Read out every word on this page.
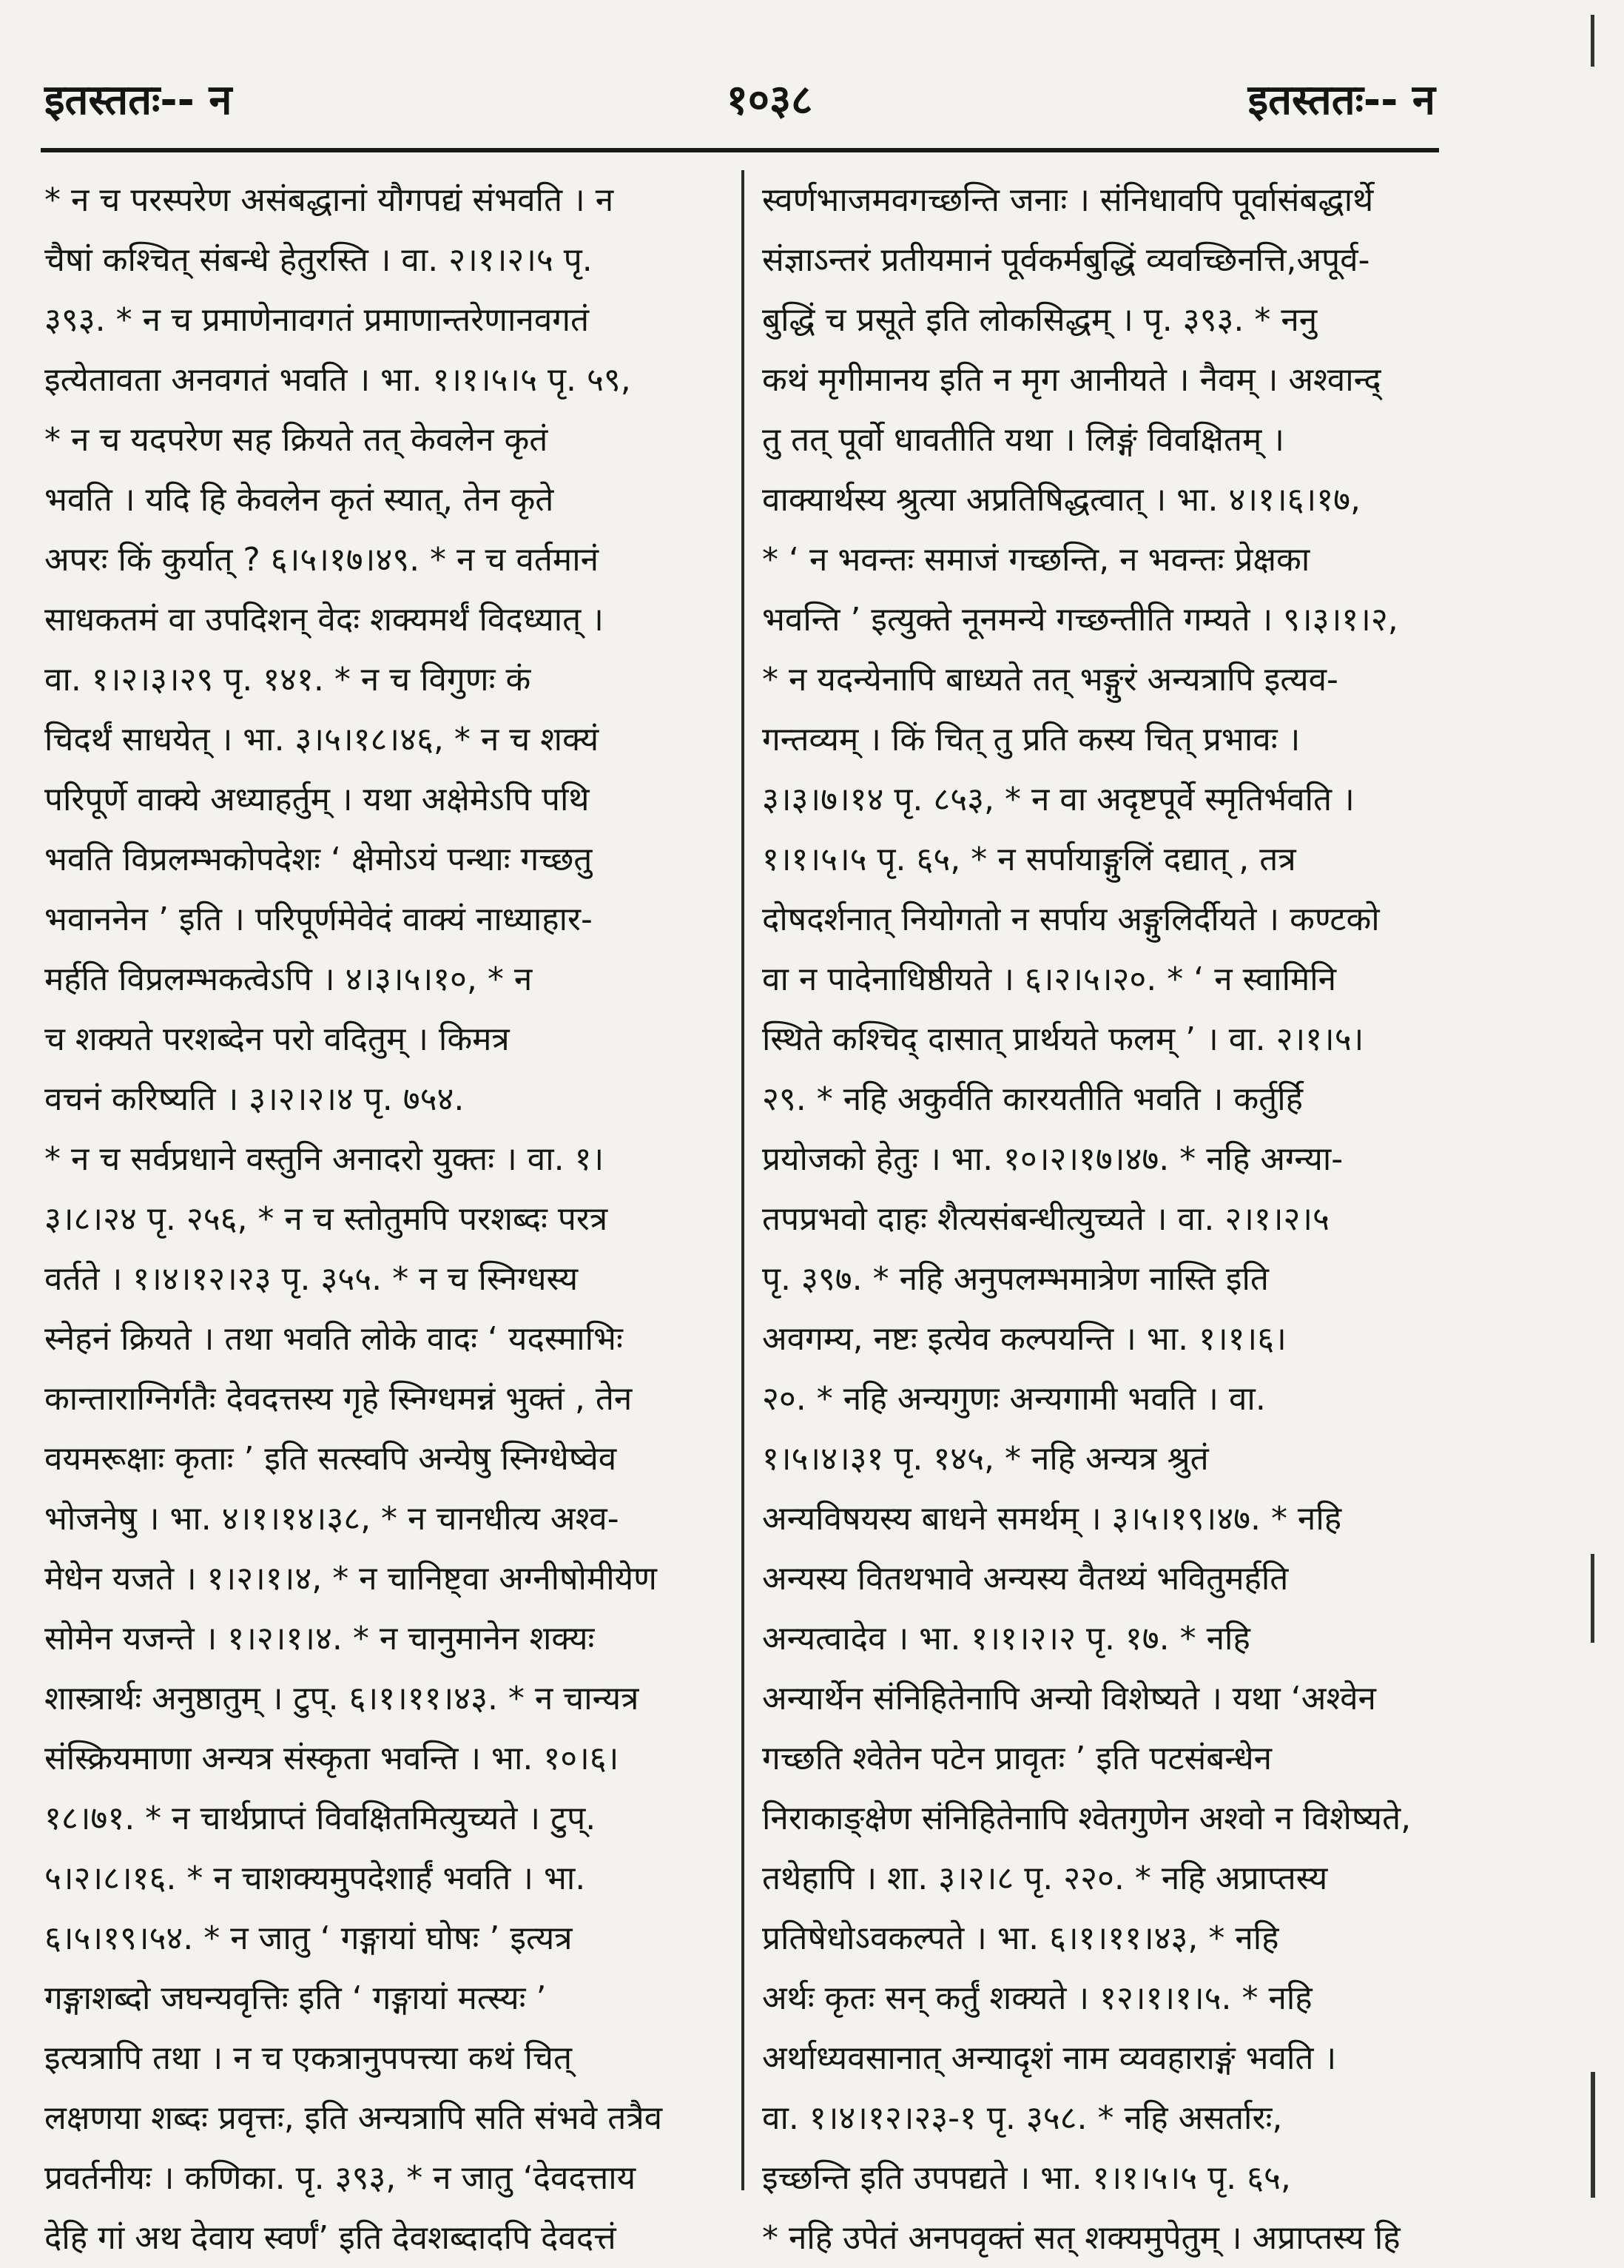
इतस्ततः-- न	१०३८	इतस्ततः-- न
* न च परस्परेण असंबद्धानां यौगपद्यं संभवति । न
चैषां कश्चित् संबन्धे हेतुरस्ति । वा. २।१।२।५ पृ.
३९३. * न च प्रमाणेनावगतं प्रमाणान्तरेणानवगतं
इत्येतावता अनवगतं भवति । भा. १।१।५।५ पृ. ५९,
* न च यदपरेण सह क्रियते तत् केवलेन कृतं
भवति । यदि हि केवलेन कृतं स्यात्, तेन कृते
अपरः किं कुर्यात् ? ६।५।१७।४९. * न च वर्तमानं
साधकतमं वा उपदिशन् वेदः शक्यमर्थं विदध्यात् ।
वा. १।२।३।२९ पृ. १४१. * न च विगुणः कं
चिदर्थं साधयेत् । भा. ३।५।१८।४६, * न च शक्यं
परिपूर्णे वाक्ये अध्याहर्तुम् । यथा अक्षेमेऽपि पथि
भवति विप्रलम्भकोपदेशः ‘ क्षेमोऽयं पन्थाः गच्छतु
भवाननेन ’ इति । परिपूर्णमेवेदं वाक्यं नाध्याहार-
मर्हति विप्रलम्भकत्वेऽपि । ४।३।५।१०, * न
च शक्यते परशब्देन परो वदितुम् । किमत्र
वचनं करिष्यति । ३।२।२।४ पृ. ७५४.
* न च सर्वप्रधाने वस्तुनि अनादरो युक्तः । वा. १।
३।८।२४ पृ. २५६, * न च स्तोतुमपि परशब्दः परत्र
वर्तते । १।४।१२।२३ पृ. ३५५. * न च स्निग्धस्य
स्नेहनं क्रियते । तथा भवति लोके वादः ‘ यदस्माभिः
कान्ताराग्निर्गतैः देवदत्तस्य गृहे स्निग्धमन्नं भुक्तं , तेन
वयमरूक्षाः कृताः ’ इति सत्स्वपि अन्येषु स्निग्धेष्वेव
भोजनेषु । भा. ४।१।१४।३८, * न चानधीत्य अश्व-
मेधेन यजते । १।२।१।४, * न चानिष्ट्वा अग्नीषोमीयेण
सोमेन यजन्ते । १।२।१।४. * न चानुमानेन शक्यः
शास्त्रार्थः अनुष्ठातुम् । टुप्. ६।१।११।४३. * न चान्यत्र
संस्क्रियमाणा अन्यत्र संस्कृता भवन्ति । भा. १०।६।
१८।७१. * न चार्थप्राप्तं विवक्षितमित्युच्यते । टुप्.
५।२।८।१६. * न चाशक्यमुपदेशार्हं भवति । भा.
६।५।१९।५४. * न जातु ‘ गङ्गायां घोषः ’ इत्यत्र
गङ्गाशब्दो जघन्यवृत्तिः इति ‘ गङ्गायां मत्स्यः ’
इत्यत्रापि तथा । न च एकत्रानुपपत्त्या कथं चित्
लक्षणया शब्दः प्रवृत्तः, इति अन्यत्रापि सति संभवे तत्रैव
प्रवर्तनीयः । कणिका. पृ. ३९३, * न जातु ‘देवदत्ताय
देहि गां अथ देवाय स्वर्णं’ इति देवशब्दादपि देवदत्तं
स्वर्णभाजमवगच्छन्ति जनाः । संनिधावपि पूर्वासंबद्धार्थे
संज्ञाऽन्तरं प्रतीयमानं पूर्वकर्मबुद्धिं व्यवच्छिनत्ति,अपूर्व-
बुद्धिं च प्रसूते इति लोकसिद्धम् । पृ. ३९३. * ननु
कथं मृगीमानय इति न मृग आनीयते । नैवम् । अश्वान्द्
तु तत् पूर्वो धावतीति यथा । लिङ्गं विवक्षितम् ।
वाक्यार्थस्य श्रुत्या अप्रतिषिद्धत्वात् । भा. ४।१।६।१७,
* ‘ न भवन्तः समाजं गच्छन्ति, न भवन्तः प्रेक्षका
भवन्ति ’ इत्युक्ते नूनमन्ये गच्छन्तीति गम्यते । ९।३।१।२,
* न यदन्येनापि बाध्यते तत् भङ्गुरं अन्यत्रापि इत्यव-
गन्तव्यम् । किं चित् तु प्रति कस्य चित् प्रभावः ।
३।३।७।१४ पृ. ८५३, * न वा अदृष्टपूर्वे स्मृतिर्भवति ।
१।१।५।५ पृ. ६५, * न सर्पायाङ्गुलिं दद्यात् , तत्र
दोषदर्शनात् नियोगतो न सर्पाय अङ्गुलिर्दीयते । कण्टको
वा न पादेनाधिष्ठीयते । ६।२।५।२०. * ‘ न स्वामिनि
स्थिते कश्चिद् दासात् प्रार्थयते फलम् ’ । वा. २।१।५।
२९. * नहि अकुर्वति कारयतीति भवति । कर्तुर्हि
प्रयोजको हेतुः । भा. १०।२।१७।४७. * नहि अग्न्या-
तपप्रभवो दाहः शैत्यसंबन्धीत्युच्यते । वा. २।१।२।५
पृ. ३९७. * नहि अनुपलम्भमात्रेण नास्ति इति
अवगम्य, नष्टः इत्येव कल्पयन्ति । भा. १।१।६।
२०. * नहि अन्यगुणः अन्यगामी भवति । वा.
१।५।४।३१ पृ. १४५, * नहि अन्यत्र श्रुतं
अन्यविषयस्य बाधने समर्थम् । ३।५।१९।४७. * नहि
अन्यस्य वितथभावे अन्यस्य वैतथ्यं भवितुमर्हति
अन्यत्वादेव । भा. १।१।२।२ पृ. १७. * नहि
अन्यार्थेन संनिहितेनापि अन्यो विशेष्यते । यथा ‘अश्वेन
गच्छति श्वेतेन पटेन प्रावृतः ’ इति पटसंबन्धेन
निराकाङ्क्षेण संनिहितेनापि श्वेतगुणेन अश्वो न विशेष्यते,
तथेहापि । शा. ३।२।८ पृ. २२०. * नहि अप्राप्तस्य
प्रतिषेधोऽवकल्पते । भा. ६।१।११।४३, * नहि
अर्थः कृतः सन् कर्तुं शक्यते । १२।१।१।५. * नहि
अर्थाध्यवसानात् अन्यादृशं नाम व्यवहाराङ्गं भवति ।
वा. १।४।१२।२३-१ पृ. ३५८. * नहि असर्तारः,
इच्छन्ति इति उपपद्यते । भा. १।१।५।५ पृ. ६५,
* नहि उपेतं अनपवृक्तं सत् शक्यमुपेतुम् । अप्राप्तस्य हि
